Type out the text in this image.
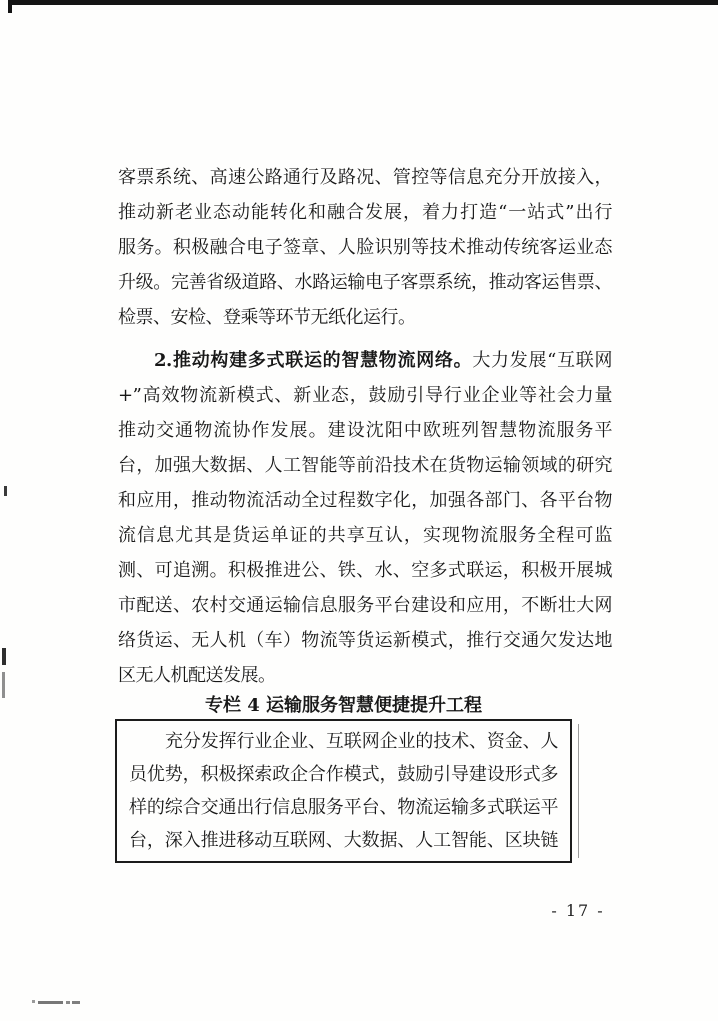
客票系统、高速公路通行及路况、管控等信息充分开放接入，
推动新老业态动能转化和融合发展，着力打造“一站式”出行
服务。积极融合电子签章、人脸识别等技术推动传统客运业态
升级。完善省级道路、水路运输电子客票系统，推动客运售票、
检票、安检、登乘等环节无纸化运行。
2.推动构建多式联运的智慧物流网络。大力发展“互联网
+”高效物流新模式、新业态，鼓励引导行业企业等社会力量
推动交通物流协作发展。建设沈阳中欧班列智慧物流服务平
台，加强大数据、人工智能等前沿技术在货物运输领域的研究
和应用，推动物流活动全过程数字化，加强各部门、各平台物
流信息尤其是货运单证的共享互认，实现物流服务全程可监
测、可追溯。积极推进公、铁、水、空多式联运，积极开展城
市配送、农村交通运输信息服务平台建设和应用，不断壮大网
络货运、无人机（车）物流等货运新模式，推行交通欠发达地
区无人机配送发展。
专栏 4 运输服务智慧便捷提升工程
充分发挥行业企业、互联网企业的技术、资金、人
员优势，积极探索政企合作模式，鼓励引导建设形式多
样的综合交通出行信息服务平台、物流运输多式联运平
台，深入推进移动互联网、大数据、人工智能、区块链
- 17 -
